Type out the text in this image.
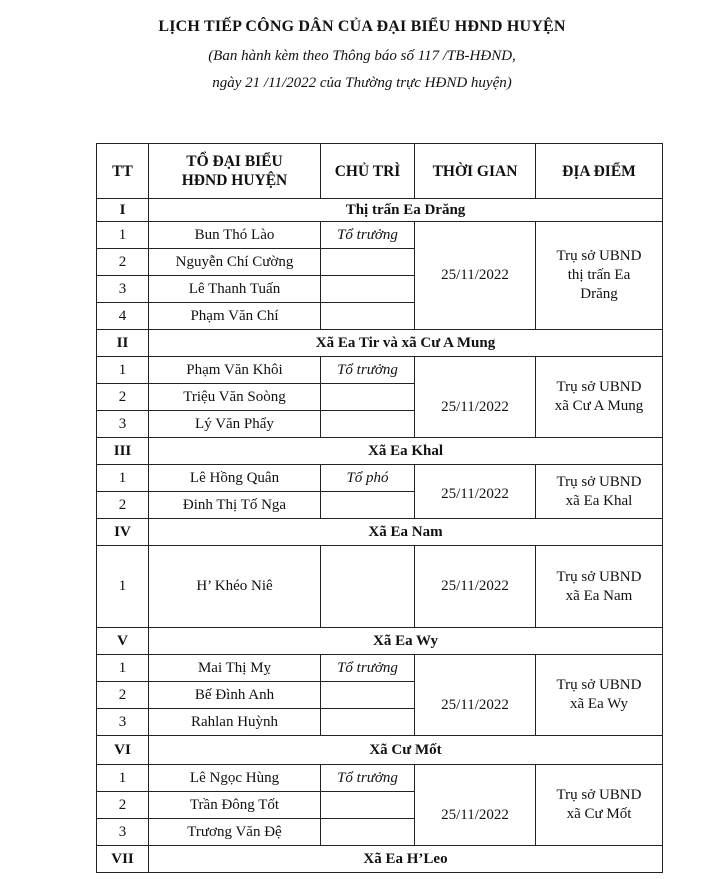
LỊCH TIẾP CÔNG DÂN CỦA ĐẠI BIỂU HĐND HUYỆN
(Ban hành kèm theo Thông báo số 117 /TB-HĐND,
ngày 21 /11/2022 của Thường trực HĐND huyện)
TT	TỔ ĐẠI BIỂU
HĐND HUYỆN	CHỦ TRÌ	THỜI GIAN	ĐỊA ĐIỂM
I	Thị trấn Ea Drăng			
1	Bun Thó Lào	Tổ trưởng	25/11/2022	Trụ sở UBND
thị trấn Ea
Drăng

2	Nguyễn Chí Cường			
3	Lê Thanh Tuấn			
4	Phạm Văn Chí			
II	Xã Ea Tir và xã Cư A Mung			
1	Phạm Văn Khôi	Tổ trưởng	25/11/2022	Trụ sở UBND
xã Cư A Mung

2	Triệu Văn Soòng			
3	Lý Văn Phẩy			
III	Xã Ea Khal			
1	Lê Hồng Quân	Tổ phó	25/11/2022	Trụ sở UBND
xã Ea Khal

2	Đinh Thị Tố Nga			
IV	Xã Ea Nam			
1	H’ Khéo Niê		25/11/2022	Trụ sở UBND
xã Ea Nam

V	Xã Ea Wy			
1	Mai Thị Mỵ	Tổ trưởng	25/11/2022	Trụ sở UBND
xã Ea Wy

2	Bế Đình Anh			
3	Rahlan Huỳnh			
VI	Xã Cư Mốt			
1	Lê Ngọc Hùng	Tổ trưởng	25/11/2022	Trụ sở UBND
xã Cư Mốt

2	Trần Đông Tốt			
3	Trương Văn Đệ			
VII	Xã Ea H’Leo			
